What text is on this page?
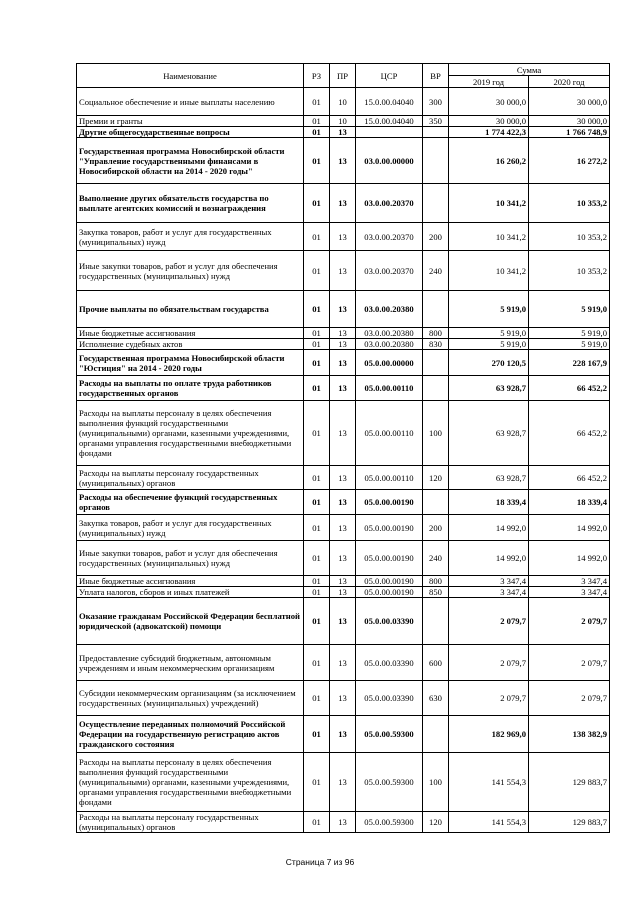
Наименование	РЗ	ПР	ЦСР	ВР	Сумма	
					2019 год	2020 год
Социальное обеспечение и иные выплаты населению	01	10	15.0.00.04040	300	30 000,0	30 000,0
Премии и гранты	01	10	15.0.00.04040	350	30 000,0	30 000,0
Другие общегосударственные вопросы	01	13			1 774 422,3	1 766 748,9
Государственная программа Новосибирской области "Управление государственными финансами в Новосибирской области на 2014 - 2020 годы"	01	13	03.0.00.00000		16 260,2	16 272,2
Выполнение других обязательств государства по выплате агентских комиссий и вознаграждения	01	13	03.0.00.20370		10 341,2	10 353,2
Закупка товаров, работ и услуг для государственных (муниципальных) нужд	01	13	03.0.00.20370	200	10 341,2	10 353,2
Иные закупки товаров, работ и услуг для обеспечения государственных (муниципальных) нужд	01	13	03.0.00.20370	240	10 341,2	10 353,2
Прочие выплаты по обязательствам государства	01	13	03.0.00.20380		5 919,0	5 919,0
Иные бюджетные ассигнования	01	13	03.0.00.20380	800	5 919,0	5 919,0
Исполнение судебных актов	01	13	03.0.00.20380	830	5 919,0	5 919,0
Государственная программа Новосибирской области "Юстиция" на 2014 - 2020 годы	01	13	05.0.00.00000		270 120,5	228 167,9
Расходы на выплаты по оплате труда работников государственных органов	01	13	05.0.00.00110		63 928,7	66 452,2
Расходы на выплаты персоналу в целях обеспечения выполнения функций государственными (муниципальными) органами, казенными учреждениями, органами управления государственными внебюджетными фондами	01	13	05.0.00.00110	100	63 928,7	66 452,2
Расходы на выплаты персоналу государственных (муниципальных) органов	01	13	05.0.00.00110	120	63 928,7	66 452,2
Расходы на обеспечение функций государственных органов	01	13	05.0.00.00190		18 339,4	18 339,4
Закупка товаров, работ и услуг для государственных (муниципальных) нужд	01	13	05.0.00.00190	200	14 992,0	14 992,0
Иные закупки товаров, работ и услуг для обеспечения государственных (муниципальных) нужд	01	13	05.0.00.00190	240	14 992,0	14 992,0
Иные бюджетные ассигнования	01	13	05.0.00.00190	800	3 347,4	3 347,4
Уплата налогов, сборов и иных платежей	01	13	05.0.00.00190	850	3 347,4	3 347,4
Оказание гражданам Российской Федерации бесплатной юридической (адвокатской) помощи	01	13	05.0.00.03390		2 079,7	2 079,7
Предоставление субсидий бюджетным, автономным учреждениям и иным некоммерческим организациям	01	13	05.0.00.03390	600	2 079,7	2 079,7
Субсидии некоммерческим организациям (за исключением государственных (муниципальных) учреждений)	01	13	05.0.00.03390	630	2 079,7	2 079,7
Осуществление переданных полномочий Российской Федерации на государственную регистрацию актов гражданского состояния	01	13	05.0.00.59300		182 969,0	138 382,9
Расходы на выплаты персоналу в целях обеспечения выполнения функций государственными (муниципальными) органами, казенными учреждениями, органами управления государственными внебюджетными фондами	01	13	05.0.00.59300	100	141 554,3	129 883,7
Расходы на выплаты персоналу государственных (муниципальных) органов	01	13	05.0.00.59300	120	141 554,3	129 883,7
Страница 7 из 96
